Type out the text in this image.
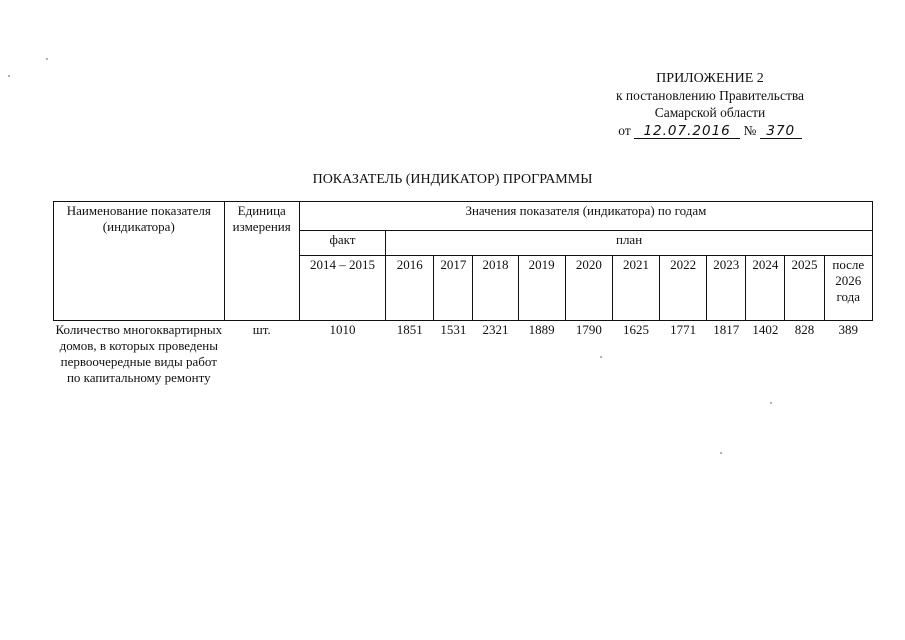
ПРИЛОЖЕНИЕ 2
к постановлению Правительства
Самарской области
от 12.07.2016 № 370
ПОКАЗАТЕЛЬ (ИНДИКАТОР) ПРОГРАММЫ
Наименование показателя (индикатора)	Единица измерения	Значения показателя (индикатора) по годам											
		факт	план										
		2014 – 2015	2016	2017	2018	2019	2020	2021	2022	2023	2024	2025	после 2026 года
Количество многоквартирных домов, в которых проведены первоочередные виды работ по капитальному ремонту	шт.	1010	1851	1531	2321	1889	1790	1625	1771	1817	1402	828	389
